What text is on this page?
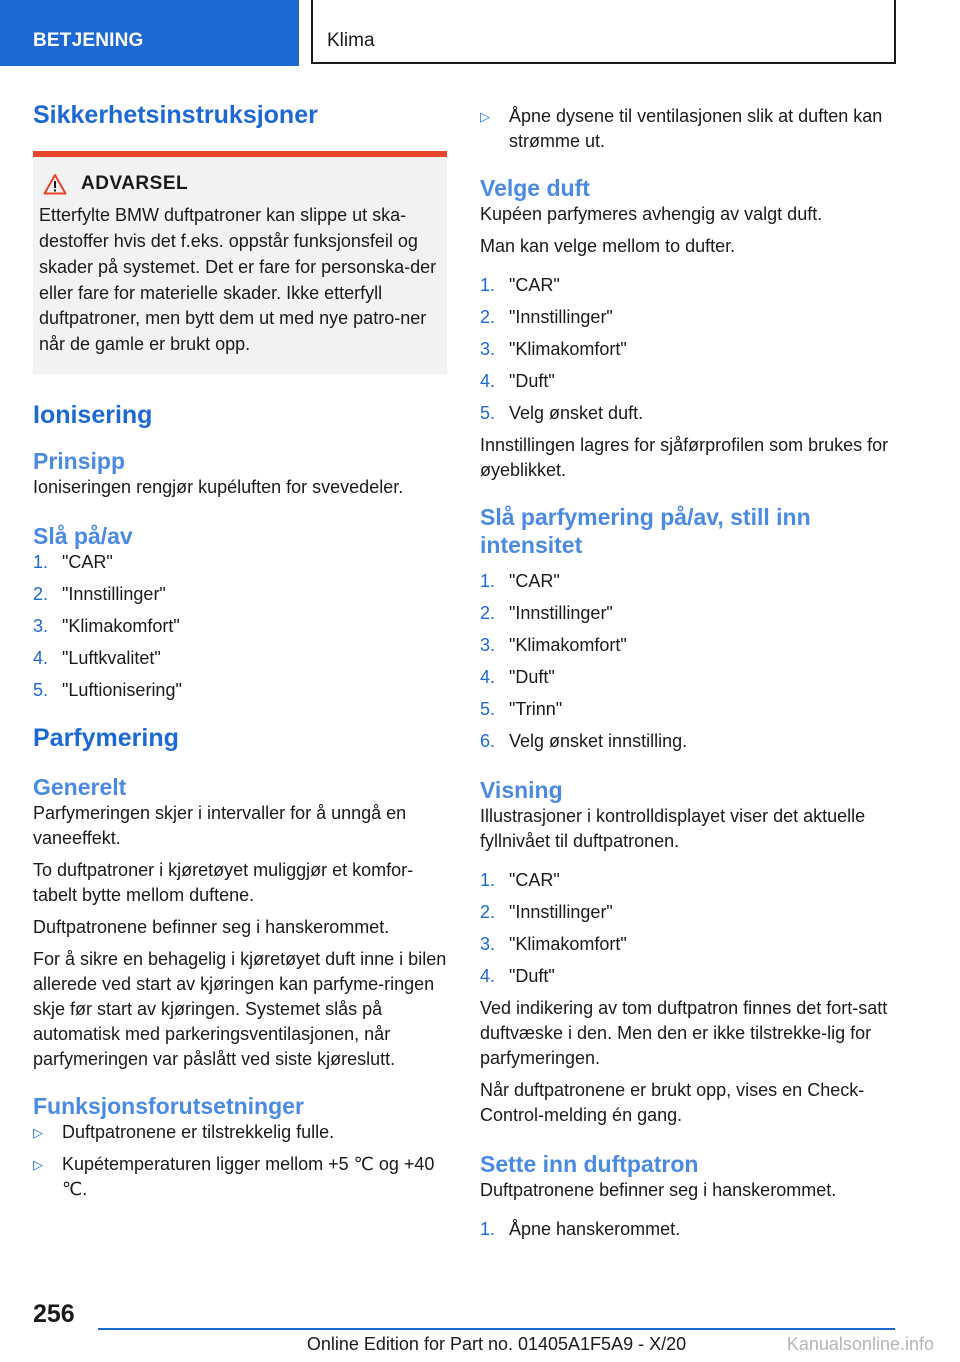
BETJENING	Klima
Sikkerhetsinstruksjoner
ADVARSEL

Etterfylte BMW duftpatroner kan slippe ut ska-destoffer hvis det f.eks. oppstår funksjonsfeil og skader på systemet. Det er fare for personska-der eller fare for materielle skader. Ikke etterfyll duftpatroner, men bytt dem ut med nye patro-ner når de gamle er brukt opp.

Ionisering
Prinsipp

Ioniseringen rengjør kupéluften for svevedeler.

Slå på/av
1. "CAR"
2. "Innstillinger"
3. "Klimakomfort"
4. "Luftkvalitet"
5. "Luftionisering"
Parfymering
Generelt

Parfymeringen skjer i intervaller for å unngå en vaneeffekt.

To duftpatroner i kjøretøyet muliggjør et komfor-tabelt bytte mellom duftene.

Duftpatronene befinner seg i hanskerommet.

For å sikre en behagelig i kjøretøyet duft inne i bilen allerede ved start av kjøringen kan parfyme-ringen skje før start av kjøringen. Systemet slås på automatisk med parkeringsventilasjonen, når parfymeringen var påslått ved siste kjøreslutt.

Funksjonsforutsetninger
▷ Duftpatronene er tilstrekkelig fulle.
▷ Kupétemperaturen ligger mellom +5 ℃ og +40 ℃.
▷ Åpne dysene til ventilasjonen slik at duften kan strømme ut.
Velge duft

Kupéen parfymeres avhengig av valgt duft.

Man kan velge mellom to dufter.

1. "CAR"
2. "Innstillinger"
3. "Klimakomfort"
4. "Duft"
5. Velg ønsket duft.

Innstillingen lagres for sjåførprofilen som brukes for øyeblikket.

Slå parfymering på/av, still inn intensitet
1. "CAR"
2. "Innstillinger"
3. "Klimakomfort"
4. "Duft"
5. "Trinn"
6. Velg ønsket innstilling.
Visning

Illustrasjoner i kontrolldisplayet viser det aktuelle fyllnivået til duftpatronen.

1. "CAR"
2. "Innstillinger"
3. "Klimakomfort"
4. "Duft"

Ved indikering av tom duftpatron finnes det fort-satt duftvæske i den. Men den er ikke tilstrekke-lig for parfymeringen.

Når duftpatronene er brukt opp, vises en Check-Control-melding én gang.

Sette inn duftpatron

Duftpatronene befinner seg i hanskerommet.

1. Åpne hanskerommet.
256
Online Edition for Part no. 01405A1F5A9 - X/20	Kanualsonline.info
